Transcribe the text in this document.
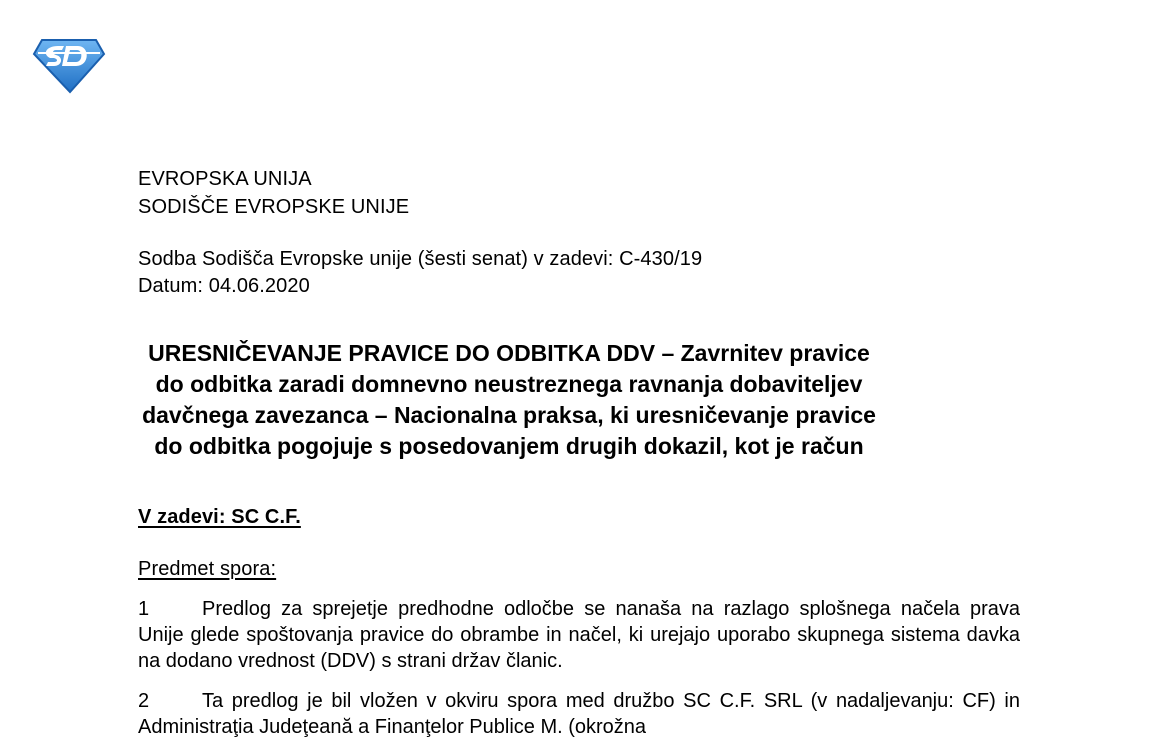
EVROPSKA UNIJA
SODIŠČE EVROPSKE UNIJE
Sodba Sodišča Evropske unije (šesti senat) v zadevi: C-430/19
Datum: 04.06.2020
URESNIČEVANJE PRAVICE DO ODBITKA DDV – Zavrnitev pravice
do odbitka zaradi domnevno neustreznega ravnanja dobaviteljev
davčnega zavezanca – Nacionalna praksa, ki uresničevanje pravice
do odbitka pogojuje s posedovanjem drugih dokazil, kot je račun
V zadevi: SC C.F.
Predmet spora:
1	Predlog za sprejetje predhodne odločbe se nanaša na razlago splošnega načela prava Unije glede spoštovanja pravice do obrambe in načel, ki urejajo uporabo skupnega sistema davka na dodano vrednost (DDV) s strani držav članic.
2	Ta predlog je bil vložen v okviru spora med družbo SC C.F. SRL (v nadaljevanju: CF) in Administraţia Judeţeană a Finanţelor Publice M. (okrožna
